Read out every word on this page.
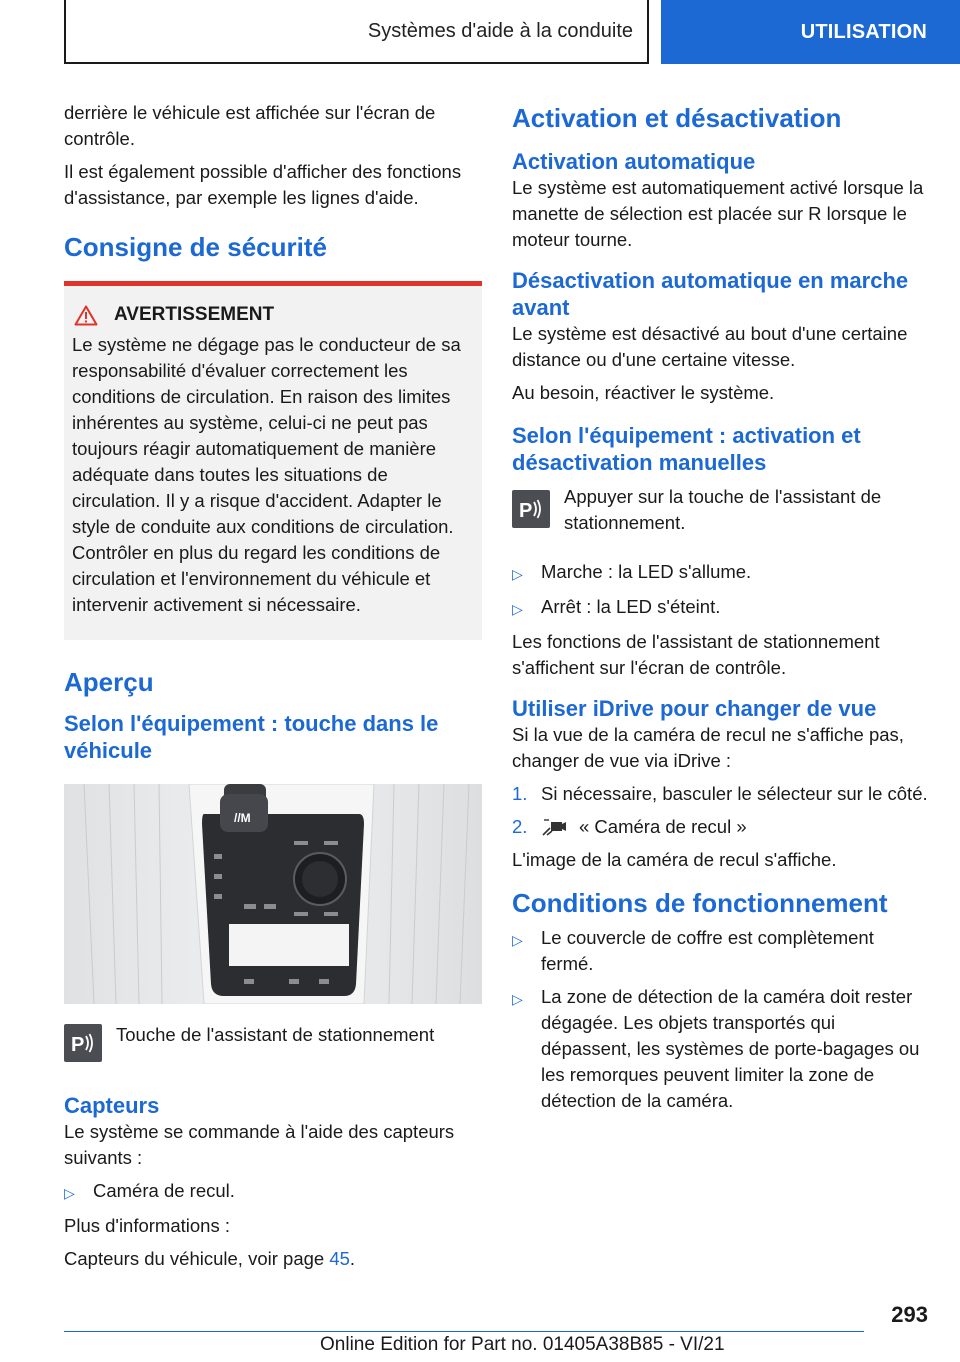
Systèmes d'aide à la conduite	UTILISATION
derrière le véhicule est affichée sur l'écran de contrôle.
Il est également possible d'afficher des fonctions d'assistance, par exemple les lignes d'aide.
Consigne de sécurité
AVERTISSEMENT
Le système ne dégage pas le conducteur de sa responsabilité d'évaluer correctement les conditions de circulation. En raison des limites inhérentes au système, celui-ci ne peut pas toujours réagir automatiquement de manière adéquate dans toutes les situations de circulation. Il y a risque d'accident. Adapter le style de conduite aux conditions de circulation. Contrôler en plus du regard les conditions de circulation et l'environnement du véhicule et intervenir activement si nécessaire.
Aperçu
Selon l'équipement : touche dans le véhicule
//M
P Touche de l'assistant de stationnement
Capteurs
Le système se commande à l'aide des capteurs suivants :
▷ Caméra de recul.
Plus d'informations :
Capteurs du véhicule, voir page 45.
Activation et désactivation
Activation automatique
Le système est automatiquement activé lorsque la manette de sélection est placée sur R lorsque le moteur tourne.
Désactivation automatique en marche avant
Le système est désactivé au bout d'une certaine distance ou d'une certaine vitesse.
Au besoin, réactiver le système.
Selon l'équipement : activation et désactivation manuelles
P
Appuyer sur la touche de l'assistant de stationnement.
▷ Marche : la LED s'allume.
▷ Arrêt : la LED s'éteint.
Les fonctions de l'assistant de stationnement s'affichent sur l'écran de contrôle.
Utiliser iDrive pour changer de vue
Si la vue de la caméra de recul ne s'affiche pas, changer de vue via iDrive :
1. Si nécessaire, basculer le sélecteur sur le côté.
2.	« Caméra de recul »
L'image de la caméra de recul s'affiche.
Conditions de fonctionnement
▷ Le couvercle de coffre est complètement fermé.
▷ La zone de détection de la caméra doit rester dégagée. Les objets transportés qui dépassent, les systèmes de porte-bagages ou les remorques peuvent limiter la zone de détection de la caméra.
293
Online Edition for Part no. 01405A38B85 - VI/21
